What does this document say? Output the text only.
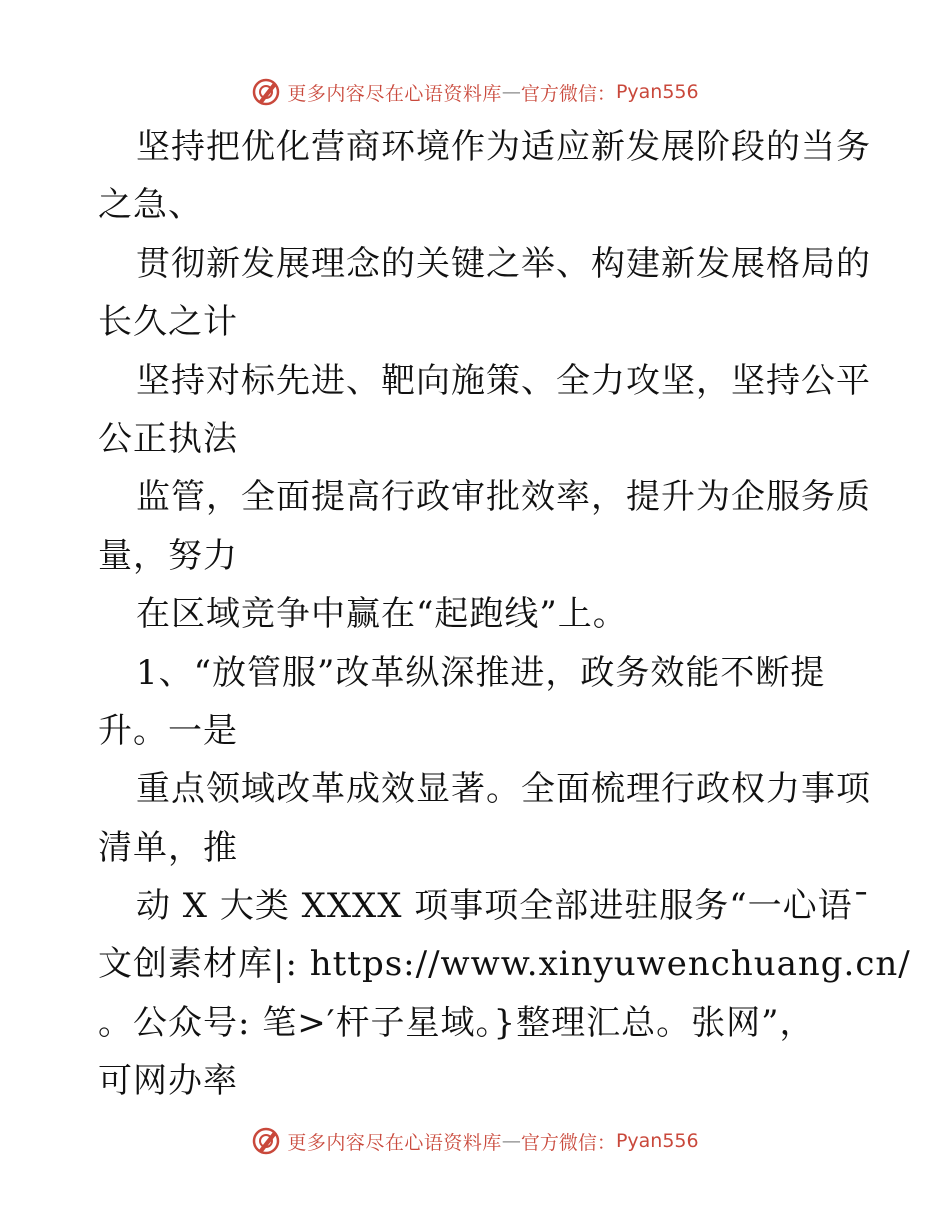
更多内容尽在心语资料库 — 官方微信： Pyan556
坚持把优化营商环境作为适应新发展阶段的当务
之急、
贯彻新发展理念的关键之举、构建新发展格局的
长久之计
坚持对标先进、靶向施策、全力攻坚，坚持公平
公正执法
监管，全面提高行政审批效率，提升为企服务质
量，努力
在区域竞争中赢在“起跑线”上。
1、“放管服”改革纵深推进，政务效能不断提
升。一是
重点领域改革成效显著。全面梳理行政权力事项
清单，推
动 X 大类 XXXX 项事项全部进驻服务“一心语¯
文创素材库|: https://www.xinyuwenchuang.cn/
。公众号: 笔>′杆子星域。}整理汇总。张网”，
可网办率
更多内容尽在心语资料库 — 官方微信： Pyan556
